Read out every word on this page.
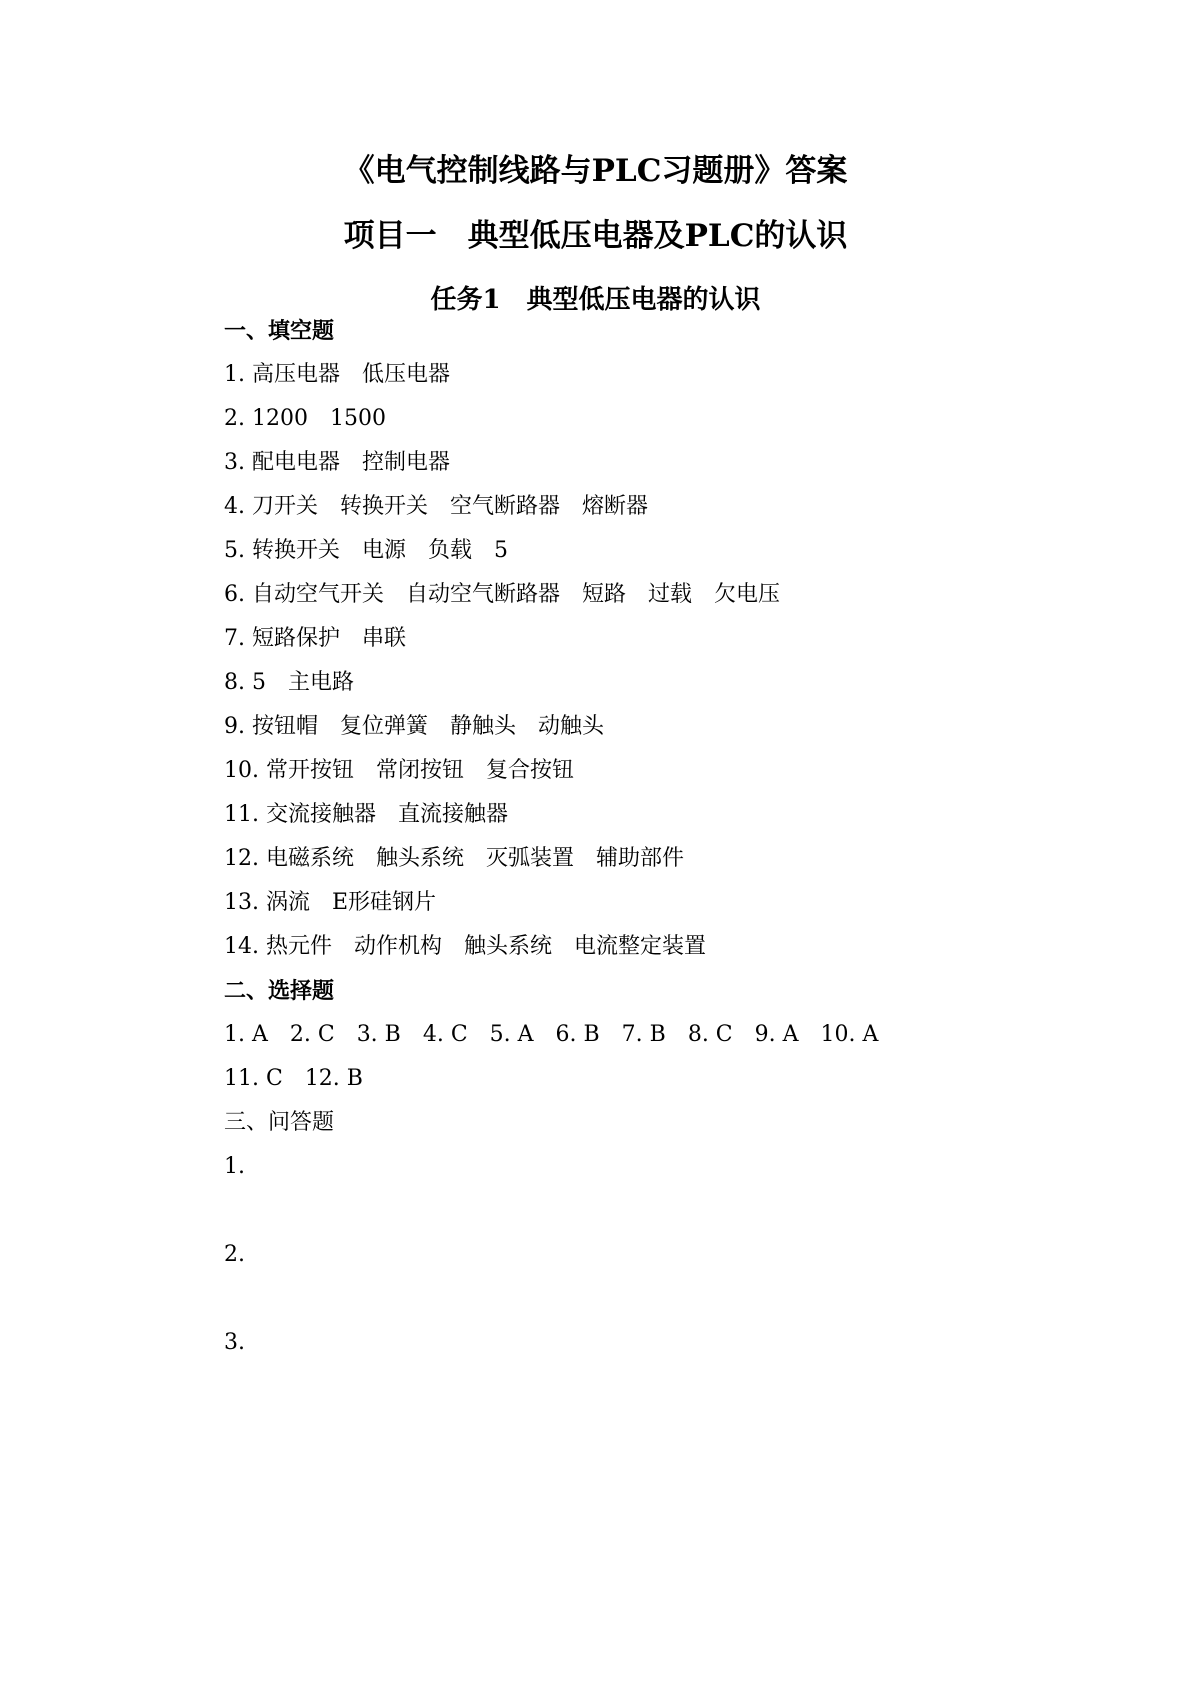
《电气控制线路与PLC习题册》答案
项目一　典型低压电器及PLC的认识
任务1　典型低压电器的认识
一、填空题
1. 高压电器　低压电器
2. 1200　1500
3. 配电电器　控制电器
4. 刀开关　转换开关　空气断路器　熔断器
5. 转换开关　电源　负载　5
6. 自动空气开关　自动空气断路器　短路　过载　欠电压
7. 短路保护　串联
8. 5　主电路
9. 按钮帽　复位弹簧　静触头　动触头
10. 常开按钮　常闭按钮　复合按钮
11. 交流接触器　直流接触器
12. 电磁系统　触头系统　灭弧装置　辅助部件
13. 涡流　E形硅钢片
14. 热元件　动作机构　触头系统　电流整定装置
二、选择题
1. A　2. C　3. B　4. C　5. A　6. B　7. B　8. C　9. A　10. A
11. C　12. B
三、问答题
1.
2.
3.
